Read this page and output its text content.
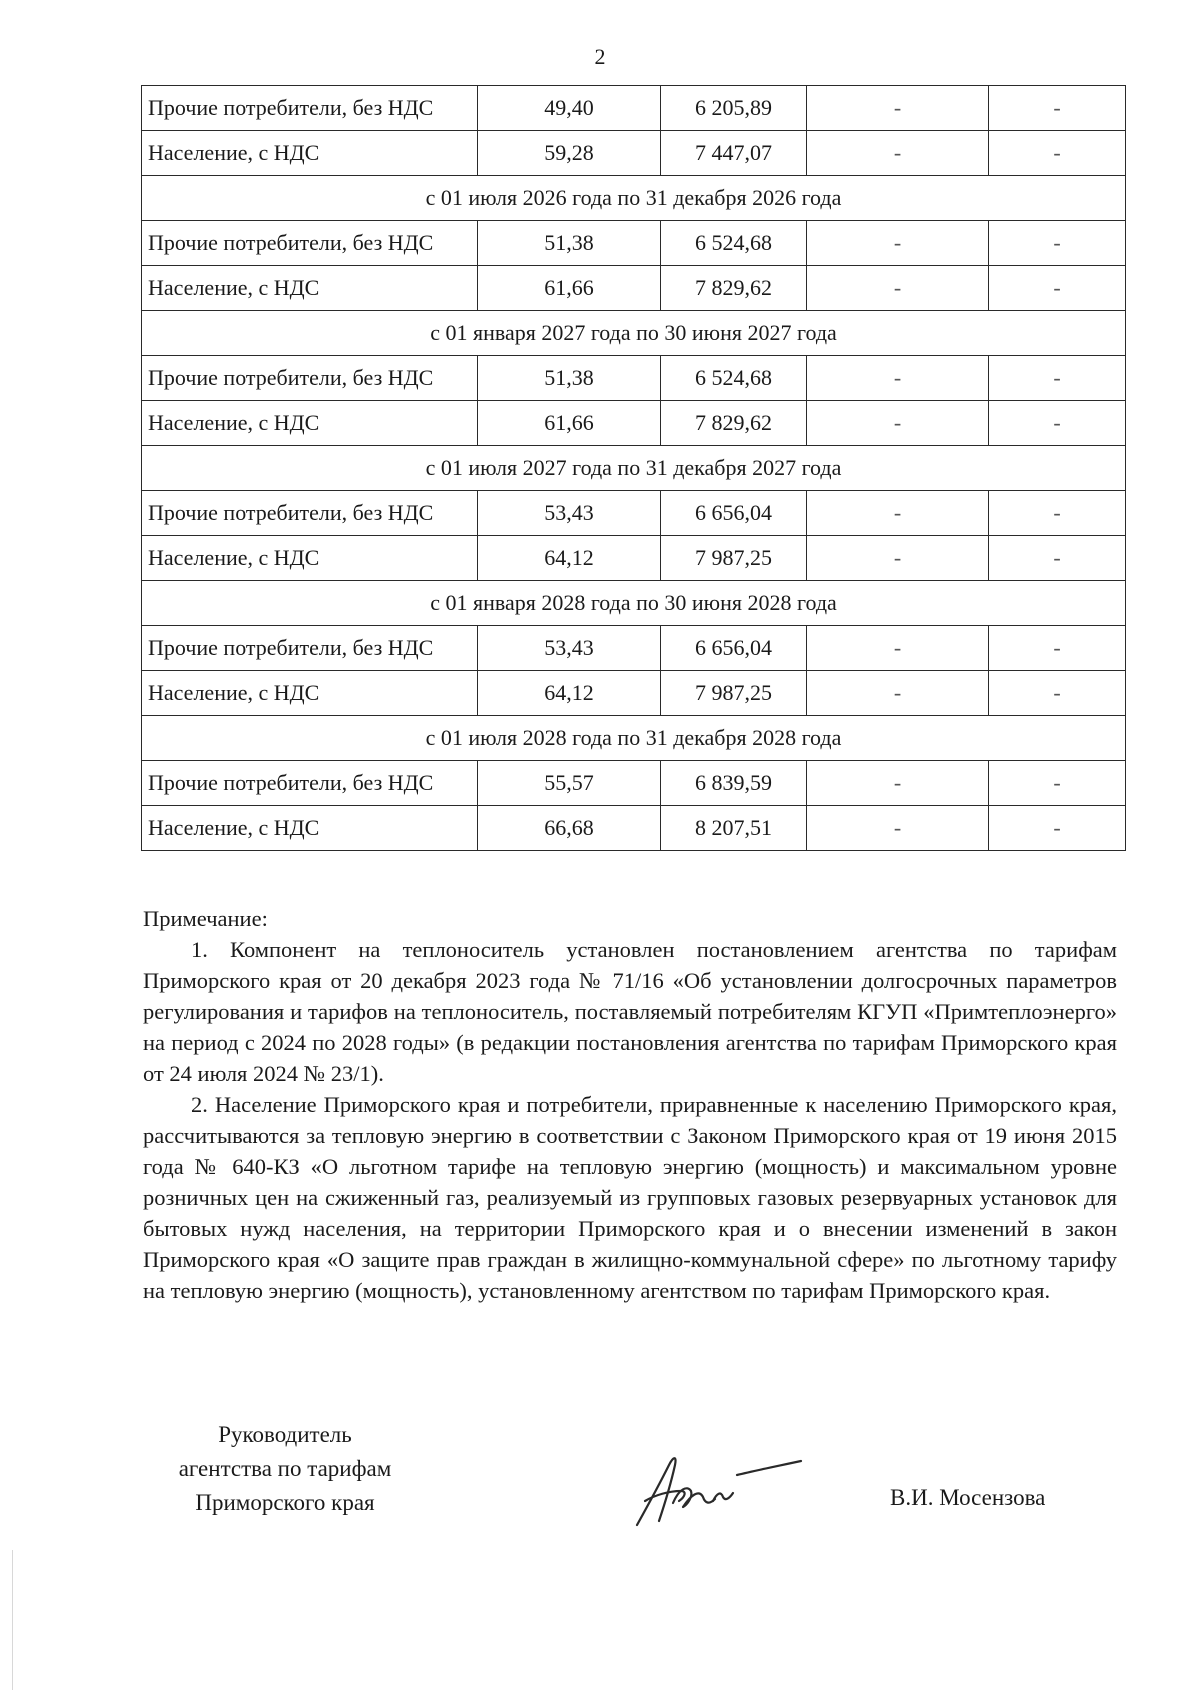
2
Прочие потребители, без НДС	49,40	6 205,89	-	-
Население, с НДС	59,28	7 447,07	-	-
с 01 июля 2026 года по 31 декабря 2026 года				
Прочие потребители, без НДС	51,38	6 524,68	-	-
Население, с НДС	61,66	7 829,62	-	-
с 01 января 2027 года по 30 июня 2027 года				
Прочие потребители, без НДС	51,38	6 524,68	-	-
Население, с НДС	61,66	7 829,62	-	-
с 01 июля 2027 года по 31 декабря 2027 года				
Прочие потребители, без НДС	53,43	6 656,04	-	-
Население, с НДС	64,12	7 987,25	-	-
с 01 января 2028 года по 30 июня 2028 года				
Прочие потребители, без НДС	53,43	6 656,04	-	-
Население, с НДС	64,12	7 987,25	-	-
с 01 июля 2028 года по 31 декабря 2028 года				
Прочие потребители, без НДС	55,57	6 839,59	-	-
Население, с НДС	66,68	8 207,51	-	-

Примечание:

1. Компонент на теплоноситель установлен постановлением агентства по тарифам Приморского края от 20 декабря 2023 года № 71/16 «Об установлении долгосрочных параметров регулирования и тарифов на теплоноситель, поставляемый потребителям КГУП «Примтеплоэнерго» на период с 2024 по 2028 годы» (в редакции постановления агентства по тарифам Приморского края от 24 июля 2024 № 23/1).

2. Население Приморского края и потребители, приравненные к населению Приморского края, рассчитываются за тепловую энергию в соответствии с Законом Приморского края от 19 июня 2015 года № 640-КЗ «О льготном тарифе на тепловую энергию (мощность) и максимальном уровне розничных цен на сжиженный газ, реализуемый из групповых газовых резервуарных установок для бытовых нужд населения, на территории Приморского края и о внесении изменений в закон Приморского края «О защите прав граждан в жилищно-коммунальной сфере» по льготному тарифу на тепловую энергию (мощность), установленному агентством по тарифам Приморского края.

Руководитель
агентства по тарифам
Приморского края	В.И. Мосензова
